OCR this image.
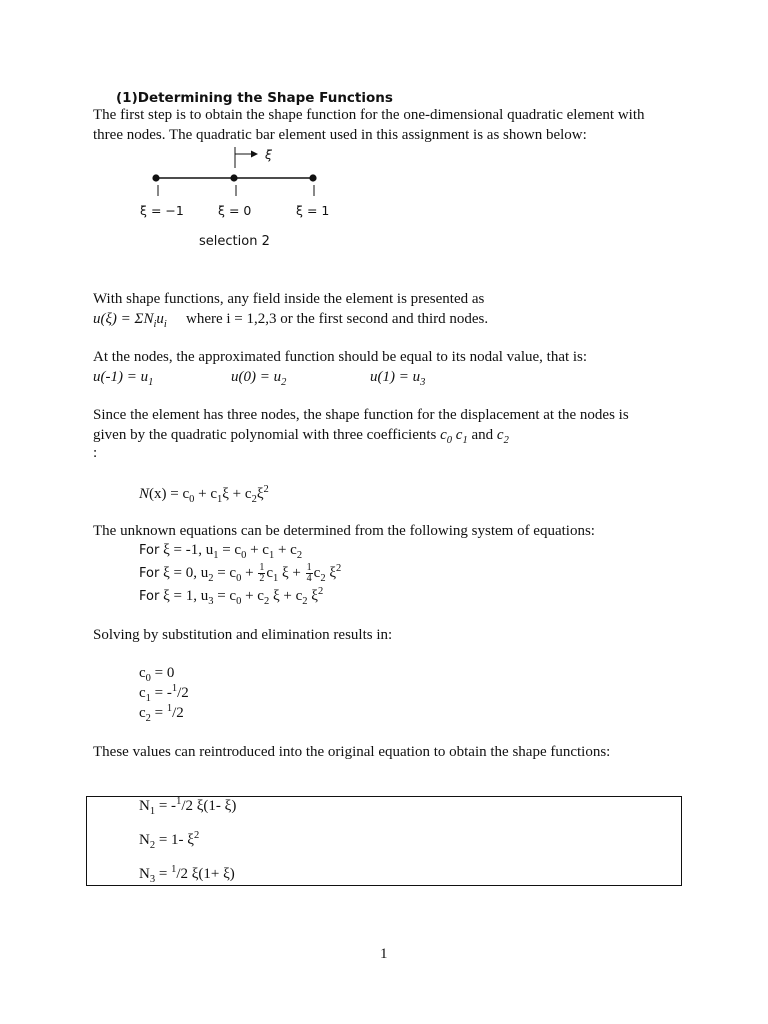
(1)Determining the Shape Functions
The first step is to obtain the shape function for the one-dimensional quadratic element with
three nodes. The quadratic bar element used in this assignment is as shown below:
ξ
ξ = −1	ξ = 0	ξ = 1
selection 2
With shape functions, any field inside the element is presented as
$u(\xi) = \Sigma N_iu_i$ where i = 1,2,3 or the first second and third nodes.
At the nodes, the approximated function should be equal to its nodal value, that is:
$u(-1) = u_1$	$u(0) = u_2$	$u(1) = u_3$
Since the element has three nodes, the shape function for the displacement at the nodes is
given by the quadratic polynomial with three coefficients $c_0$ $c_1$ and $c_2$
:
$N(x) = c_0 + c_1\xi + c_2\xi^2$
The unknown equations can be determined from the following system of equations:
For ξ = -1, $u_1 = c_0 + c_1 + c_2$
For ξ = 0, $u_2 = c_0 + \frac{1}{2} c_1$ $\xi + \frac{1}{4} c_2$ $\xi^2$
For ξ = 1, $u_3 = c_0 + c_2$ $\xi + c_2$ $\xi^2$
Solving by substitution and elimination results in:
$c_0 = 0$
$c_1 = -^1/2$
$c_2 = ^1/2$
These values can reintroduced into the original equation to obtain the shape functions:
$N_1 = -^1/2$ ξ(1- ξ)
$N_2 = 1-$ $\xi^2$
$N_3 = ^1/2$ ξ(1+ ξ)
1
